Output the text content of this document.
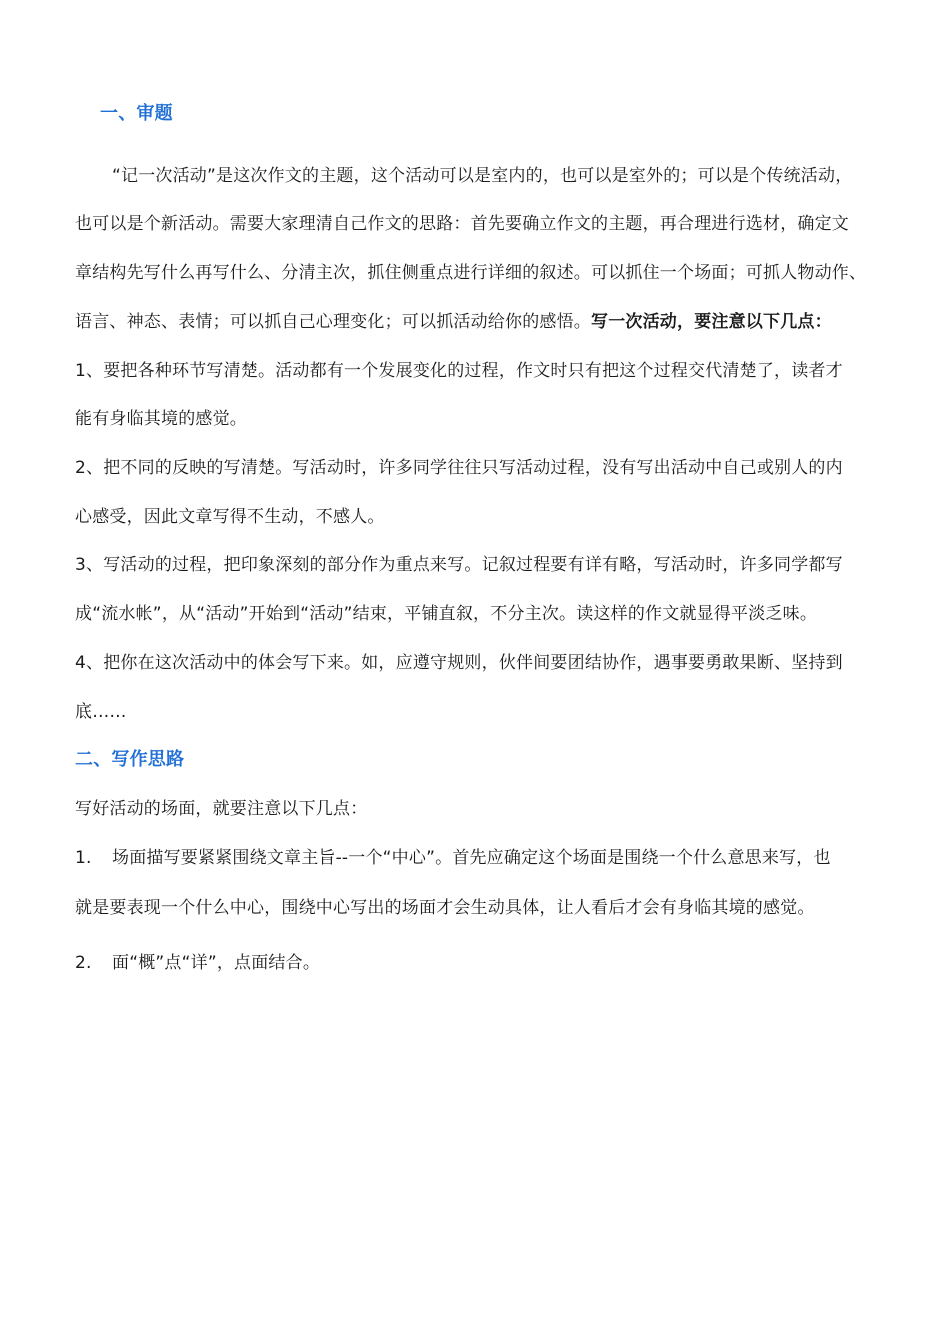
一、审题
“记一次活动”是这次作文的主题，这个活动可以是室内的，也可以是室外的；可以是个传统活动，
也可以是个新活动。需要大家理清自己作文的思路：首先要确立作文的主题，再合理进行选材，确定文
章结构先写什么再写什么、分清主次，抓住侧重点进行详细的叙述。可以抓住一个场面；可抓人物动作、
语言、神态、表情；可以抓自己心理变化；可以抓活动给你的感悟。写一次活动，要注意以下几点：
1、要把各种环节写清楚。活动都有一个发展变化的过程，作文时只有把这个过程交代清楚了，读者才
能有身临其境的感觉。
2、把不同的反映的写清楚。写活动时，许多同学往往只写活动过程，没有写出活动中自己或别人的内
心感受，因此文章写得不生动，不感人。
3、写活动的过程，把印象深刻的部分作为重点来写。记叙过程要有详有略，写活动时，许多同学都写
成“流水帐”，从“活动”开始到“活动”结束，平铺直叙，不分主次。读这样的作文就显得平淡乏味。
4、把你在这次活动中的体会写下来。如，应遵守规则，伙伴间要团结协作，遇事要勇敢果断、坚持到
底……
二、写作思路
写好活动的场面，就要注意以下几点：
1. 场面描写要紧紧围绕文章主旨--一个“中心”。首先应确定这个场面是围绕一个什么意思来写，也
就是要表现一个什么中心，围绕中心写出的场面才会生动具体，让人看后才会有身临其境的感觉。
2. 面“概”点“详”，点面结合。
